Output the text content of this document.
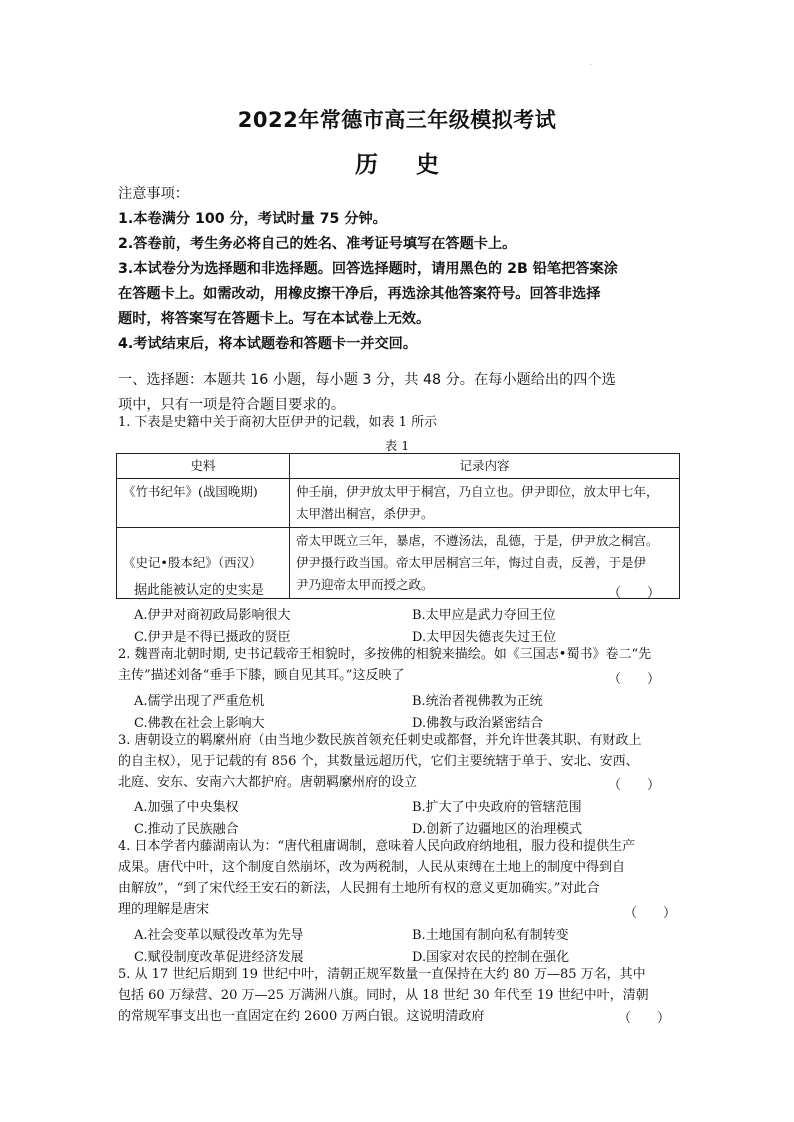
·
2022年常德市高三年级模拟考试
历史

注意事项：

1.本卷满分 100 分，考试时量 75 分钟。

2.答卷前，考生务必将自己的姓名、准考证号填写在答题卡上。

3.本试卷分为选择题和非选择题。回答选择题时，请用黑色的 2B 铅笔把答案涂

在答题卡上。如需改动，用橡皮擦干净后，再选涂其他答案符号。回答非选择

题时，将答案写在答题卡上。写在本试卷上无效。

4.考试结束后，将本试题卷和答题卡一并交回。

一、选择题：本题共 16 小题，每小题 3 分，共 48 分。在每小题给出的四个选
项中，只有一项是符合题目要求的。
1. 下表是史籍中关于商初大臣伊尹的记载，如表 1 所示
表 1
史料	记录内容
《竹书纪年》(战国晚期)	仲壬崩，伊尹放太甲于桐宫，乃自立也。伊尹即位，放太甲七年，
太甲潜出桐宫，杀伊尹。

《史记•殷本纪》（西汉）	帝太甲既立三年，暴虐，不遵汤法，乱德，于是，伊尹放之桐宫。
伊尹摄行政当国。帝太甲居桐宫三年，悔过自责，反善，于是伊
尹乃迎帝太甲而授之政。
据此能被认定的史实是	（　　）
A.伊尹对商初政局影响很大	B.太甲应是武力夺回王位
C.伊尹是不得已摄政的贤臣	D.太甲因失德丧失过王位
2. 魏晋南北朝时期, 史书记载帝王相貌时，多按佛的相貌来描绘。如《三国志•蜀书》卷二“先
主传”描述刘备“垂手下膝，顾自见其耳。”这反映了	（　　）
A.儒学出现了严重危机	B.统治者视佛教为正统
C.佛教在社会上影响大	D.佛教与政治紧密结合
3. 唐朝设立的羁縻州府（由当地少数民族首领充任刺史或都督，并允许世袭其职、有财政上
的自主权），见于记载的有 856 个，其数量远超历代，它们主要统辖于单于、安北、安西、
北庭、安东、安南六大都护府。唐朝羁縻州府的设立	（　　）
A.加强了中央集权	B.扩大了中央政府的管辖范围
C.推动了民族融合	D.创新了边疆地区的治理模式
4. 日本学者内藤湖南认为：“唐代租庸调制，意味着人民向政府纳地租，服力役和提供生产
成果。唐代中叶，这个制度自然崩坏，改为两税制，人民从束缚在土地上的制度中得到自
由解放”，“到了宋代经王安石的新法，人民拥有土地所有权的意义更加确实。”对此合
理的理解是唐宋	（　　）
A.社会变革以赋役改革为先导	B.土地国有制向私有制转变
C.赋役制度改革促进经济发展	D.国家对农民的控制在强化
5. 从 17 世纪后期到 19 世纪中叶，清朝正规军数量一直保持在大约 80 万—85 万名，其中
包括 60 万绿营、20 万—25 万满洲八旗。同时，从 18 世纪 30 年代至 19 世纪中叶，清朝
的常规军事支出也一直固定在约 2600 万两白银。这说明清政府	（　　）
